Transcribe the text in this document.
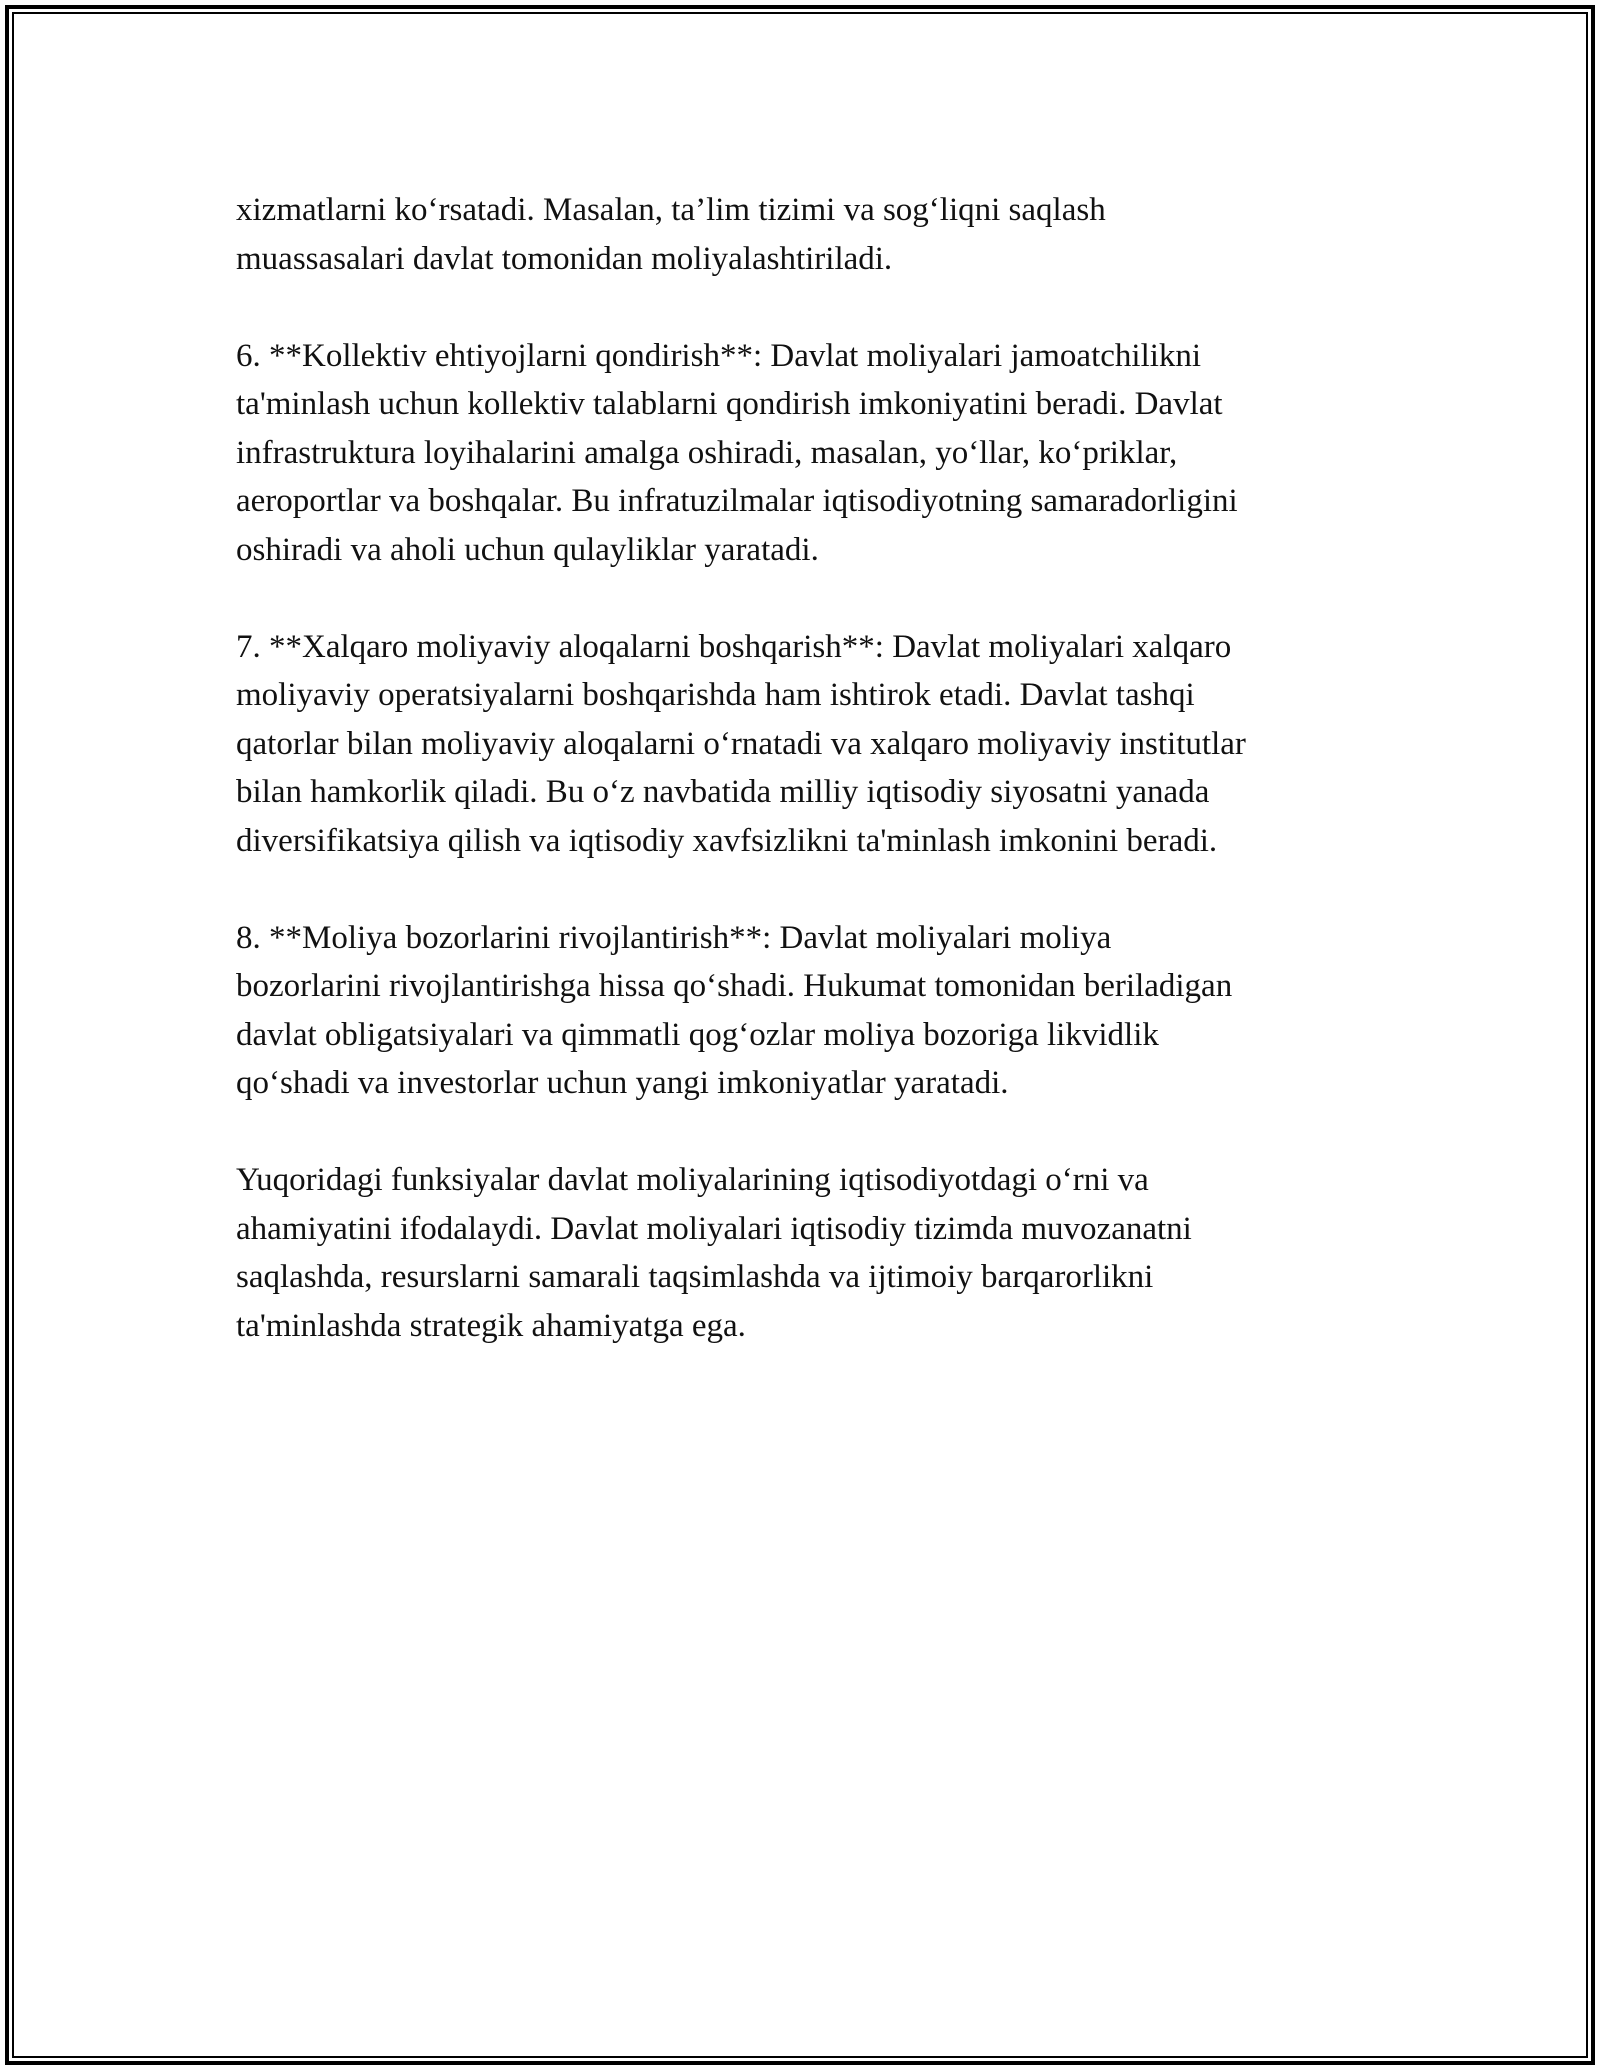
xizmatlarni ko‘rsatadi. Masalan, ta’lim tizimi va sog‘liqni saqlash
muassasalari davlat tomonidan moliyalashtiriladi.

6. **Kollektiv ehtiyojlarni qondirish**: Davlat moliyalari jamoatchilikni
ta'minlash uchun kollektiv talablarni qondirish imkoniyatini beradi. Davlat
infrastruktura loyihalarini amalga oshiradi, masalan, yo‘llar, ko‘priklar,
aeroportlar va boshqalar. Bu infratuzilmalar iqtisodiyotning samaradorligini
oshiradi va aholi uchun qulayliklar yaratadi.

7. **Xalqaro moliyaviy aloqalarni boshqarish**: Davlat moliyalari xalqaro
moliyaviy operatsiyalarni boshqarishda ham ishtirok etadi. Davlat tashqi
qatorlar bilan moliyaviy aloqalarni o‘rnatadi va xalqaro moliyaviy institutlar
bilan hamkorlik qiladi. Bu o‘z navbatida milliy iqtisodiy siyosatni yanada
diversifikatsiya qilish va iqtisodiy xavfsizlikni ta'minlash imkonini beradi.

8. **Moliya bozorlarini rivojlantirish**: Davlat moliyalari moliya
bozorlarini rivojlantirishga hissa qo‘shadi. Hukumat tomonidan beriladigan
davlat obligatsiyalari va qimmatli qog‘ozlar moliya bozoriga likvidlik
qo‘shadi va investorlar uchun yangi imkoniyatlar yaratadi.

Yuqoridagi funksiyalar davlat moliyalarining iqtisodiyotdagi o‘rni va
ahamiyatini ifodalaydi. Davlat moliyalari iqtisodiy tizimda muvozanatni
saqlashda, resurslarni samarali taqsimlashda va ijtimoiy barqarorlikni
ta'minlashda strategik ahamiyatga ega.
